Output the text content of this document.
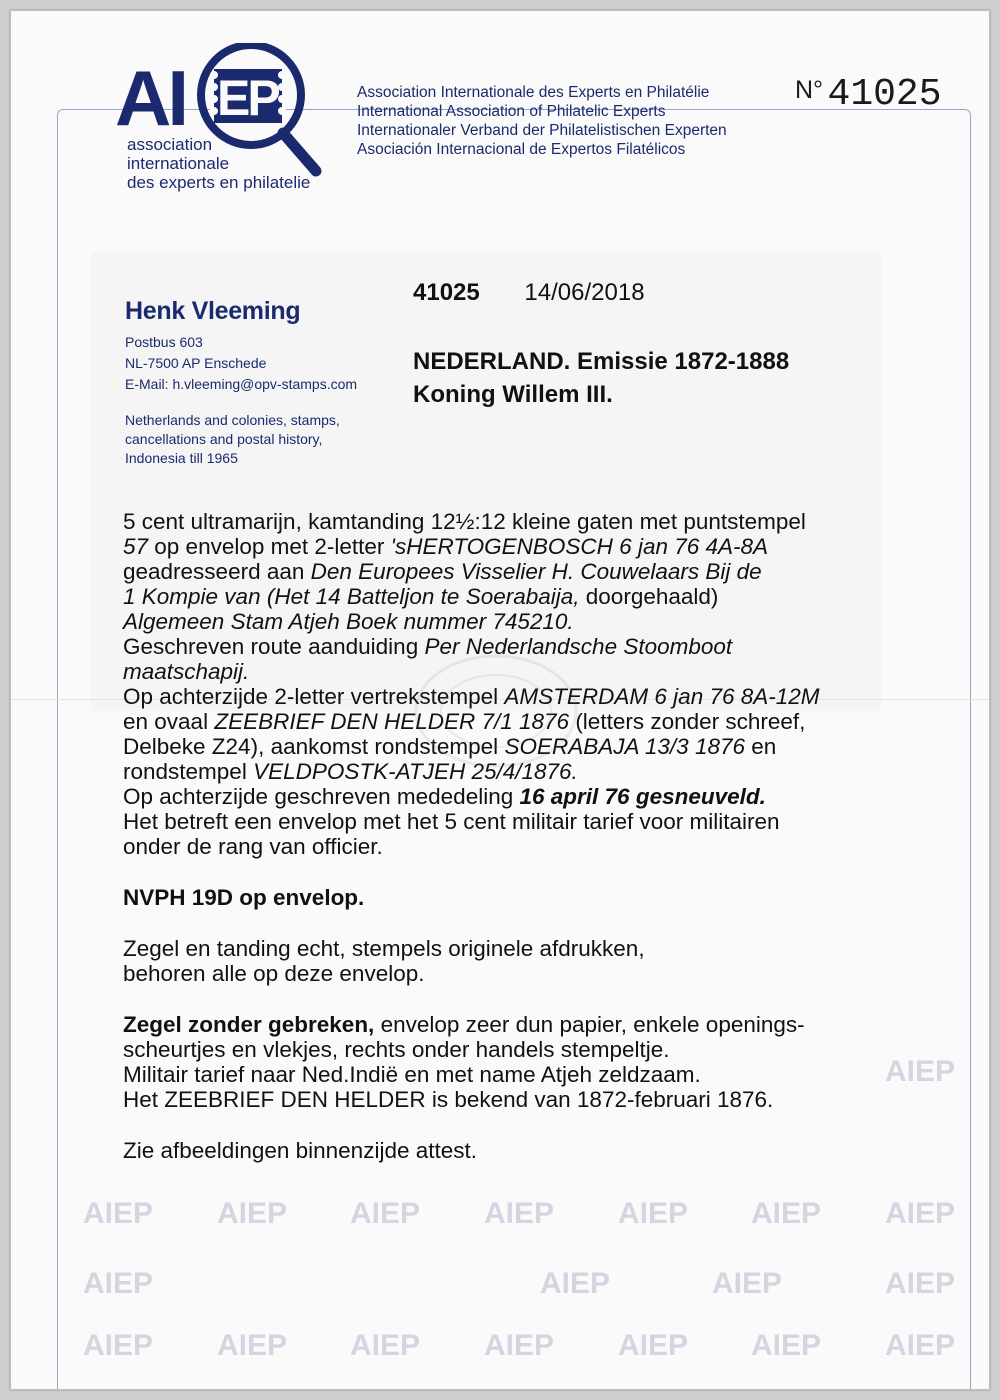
AI EP
association
internationale
des experts en philatelie
Association Internationale des Experts en Philatélie
International Association of Philatelic Experts
Internationaler Verband der Philatelistischen Experten
Asociación Internacional de Expertos Filatélicos
N° 41025
Henk Vleeming
Postbus 603
NL-7500 AP Enschede
E-Mail: h.vleeming@opv-stamps.com
Netherlands and colonies, stamps,
cancellations and postal history,
Indonesia till 1965
41025 14/06/2018
NEDERLAND. Emissie 1872-1888
Koning Willem III.

5 cent ultramarijn, kamtanding 12½:12 kleine gaten met puntstempel

57 op envelop met 2-letter 'sHERTOGENBOSCH 6 jan 76 4A-8A

geadresseerd aan Den Europees Visselier H. Couwelaars Bij de

1 Kompie van (Het 14 Batteljon te Soerabaija, doorgehaald)

Algemeen Stam Atjeh Boek nummer 745210.

Geschreven route aanduiding Per Nederlandsche Stoomboot

maatschapij.

Op achterzijde 2-letter vertrekstempel AMSTERDAM 6 jan 76 8A-12M

en ovaal ZEEBRIEF DEN HELDER 7/1 1876 (letters zonder schreef,

Delbeke Z24), aankomst rondstempel SOERABAJA 13/3 1876 en

rondstempel VELDPOSTK-ATJEH 25/4/1876.

Op achterzijde geschreven mededeling 16 april 76 gesneuveld.

Het betreft een envelop met het 5 cent militair tarief voor militairen

onder de rang van officier.

NVPH 19D op envelop.

Zegel en tanding echt, stempels originele afdrukken,

behoren alle op deze envelop.

Zegel zonder gebreken, envelop zeer dun papier, enkele openings-

scheurtjes en vlekjes, rechts onder handels stempeltje.

Militair tarief naar Ned.Indië en met name Atjeh zeldzaam.

Het ZEEBRIEF DEN HELDER is bekend van 1872-februari 1876.

Zie afbeeldingen binnenzijde attest.

AIEP
AIEP AIEP AIEP AIEP AIEP AIEP AIEP
AIEP	AIEP	AIEP	AIEP
AIEP AIEP AIEP AIEP AIEP AIEP AIEP
